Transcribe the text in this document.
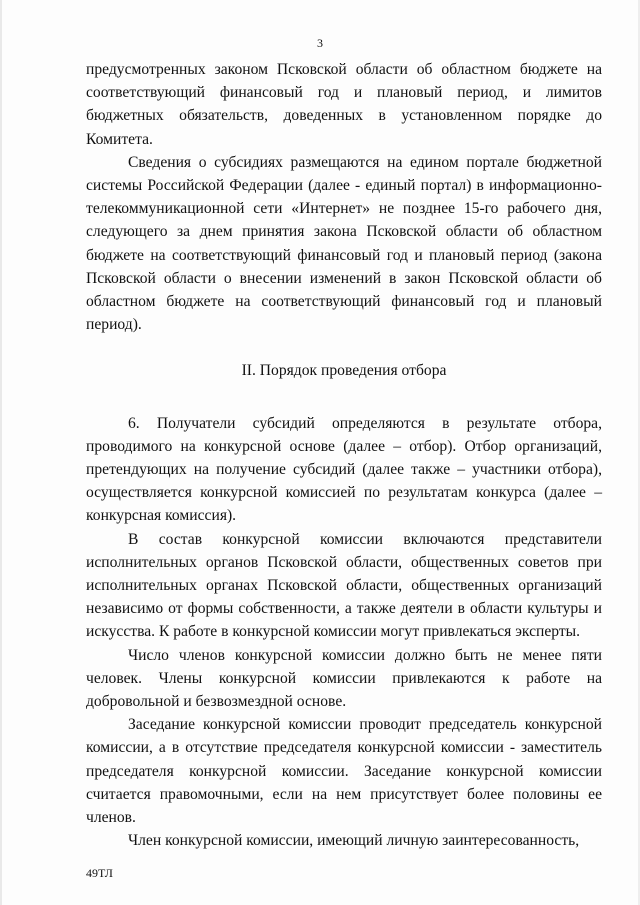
3

предусмотренных законом Псковской области об областном бюджете на соответствующий финансовый год и плановый период, и лимитов бюджетных обязательств, доведенных в установленном порядке до Комитета.

Сведения о субсидиях размещаются на едином портале бюджетной системы Российской Федерации (далее - единый портал) в информационно-телекоммуникационной сети «Интернет» не позднее 15-го рабочего дня, следующего за днем принятия закона Псковской области об областном бюджете на соответствующий финансовый год и плановый период (закона Псковской области о внесении изменений в закон Псковской области об областном бюджете на соответствующий финансовый год и плановый период).

II. Порядок проведения отбора

6. Получатели субсидий определяются в результате отбора, проводимого на конкурсной основе (далее – отбор). Отбор организаций, претендующих на получение субсидий (далее также – участники отбора), осуществляется конкурсной комиссией по результатам конкурса (далее – конкурсная комиссия).

В состав конкурсной комиссии включаются представители исполнительных органов Псковской области, общественных советов при исполнительных органах Псковской области, общественных организаций независимо от формы собственности, а также деятели в области культуры и искусства. К работе в конкурсной комиссии могут привлекаться эксперты.

Число членов конкурсной комиссии должно быть не менее пяти человек. Члены конкурсной комиссии привлекаются к работе на добровольной и безвозмездной основе.

Заседание конкурсной комиссии проводит председатель конкурсной комиссии, а в отсутствие председателя конкурсной комиссии - заместитель председателя конкурсной комиссии. Заседание конкурсной комиссии считается правомочными, если на нем присутствует более половины ее членов.

Член конкурсной комиссии, имеющий личную заинтересованность,

49ТЛ
